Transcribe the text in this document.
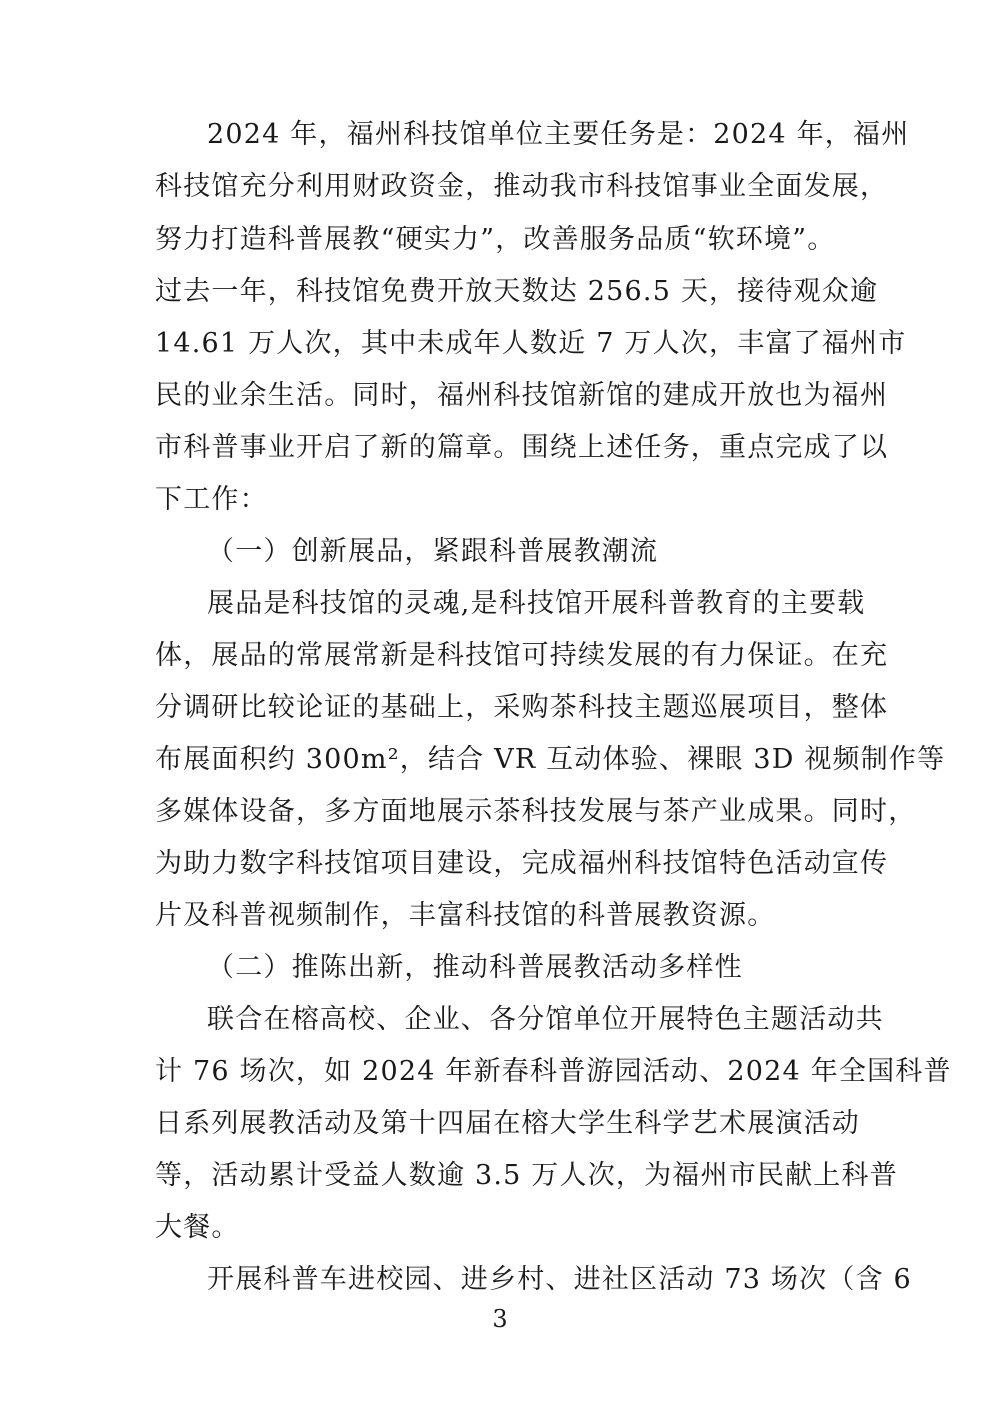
2024 年，福州科技馆单位主要任务是：2024 年，福州
科技馆充分利用财政资金，推动我市科技馆事业全面发展，
努力打造科普展教“硬实力”，改善服务品质“软环境”。
过去一年，科技馆免费开放天数达 256.5 天，接待观众逾
14.61 万人次，其中未成年人数近 7 万人次，丰富了福州市
民的业余生活。同时，福州科技馆新馆的建成开放也为福州
市科普事业开启了新的篇章。围绕上述任务，重点完成了以
下工作：
（一）创新展品，紧跟科普展教潮流
展品是科技馆的灵魂,是科技馆开展科普教育的主要载
体，展品的常展常新是科技馆可持续发展的有力保证。在充
分调研比较论证的基础上，采购茶科技主题巡展项目，整体
布展面积约 300m²，结合 VR 互动体验、裸眼 3D 视频制作等
多媒体设备，多方面地展示茶科技发展与茶产业成果。同时，
为助力数字科技馆项目建设，完成福州科技馆特色活动宣传
片及科普视频制作，丰富科技馆的科普展教资源。
（二）推陈出新，推动科普展教活动多样性
联合在榕高校、企业、各分馆单位开展特色主题活动共
计 76 场次，如 2024 年新春科普游园活动、2024 年全国科普
日系列展教活动及第十四届在榕大学生科学艺术展演活动
等，活动累计受益人数逾 3.5 万人次，为福州市民献上科普
大餐。
开展科普车进校园、进乡村、进社区活动 73 场次（含 6
3
